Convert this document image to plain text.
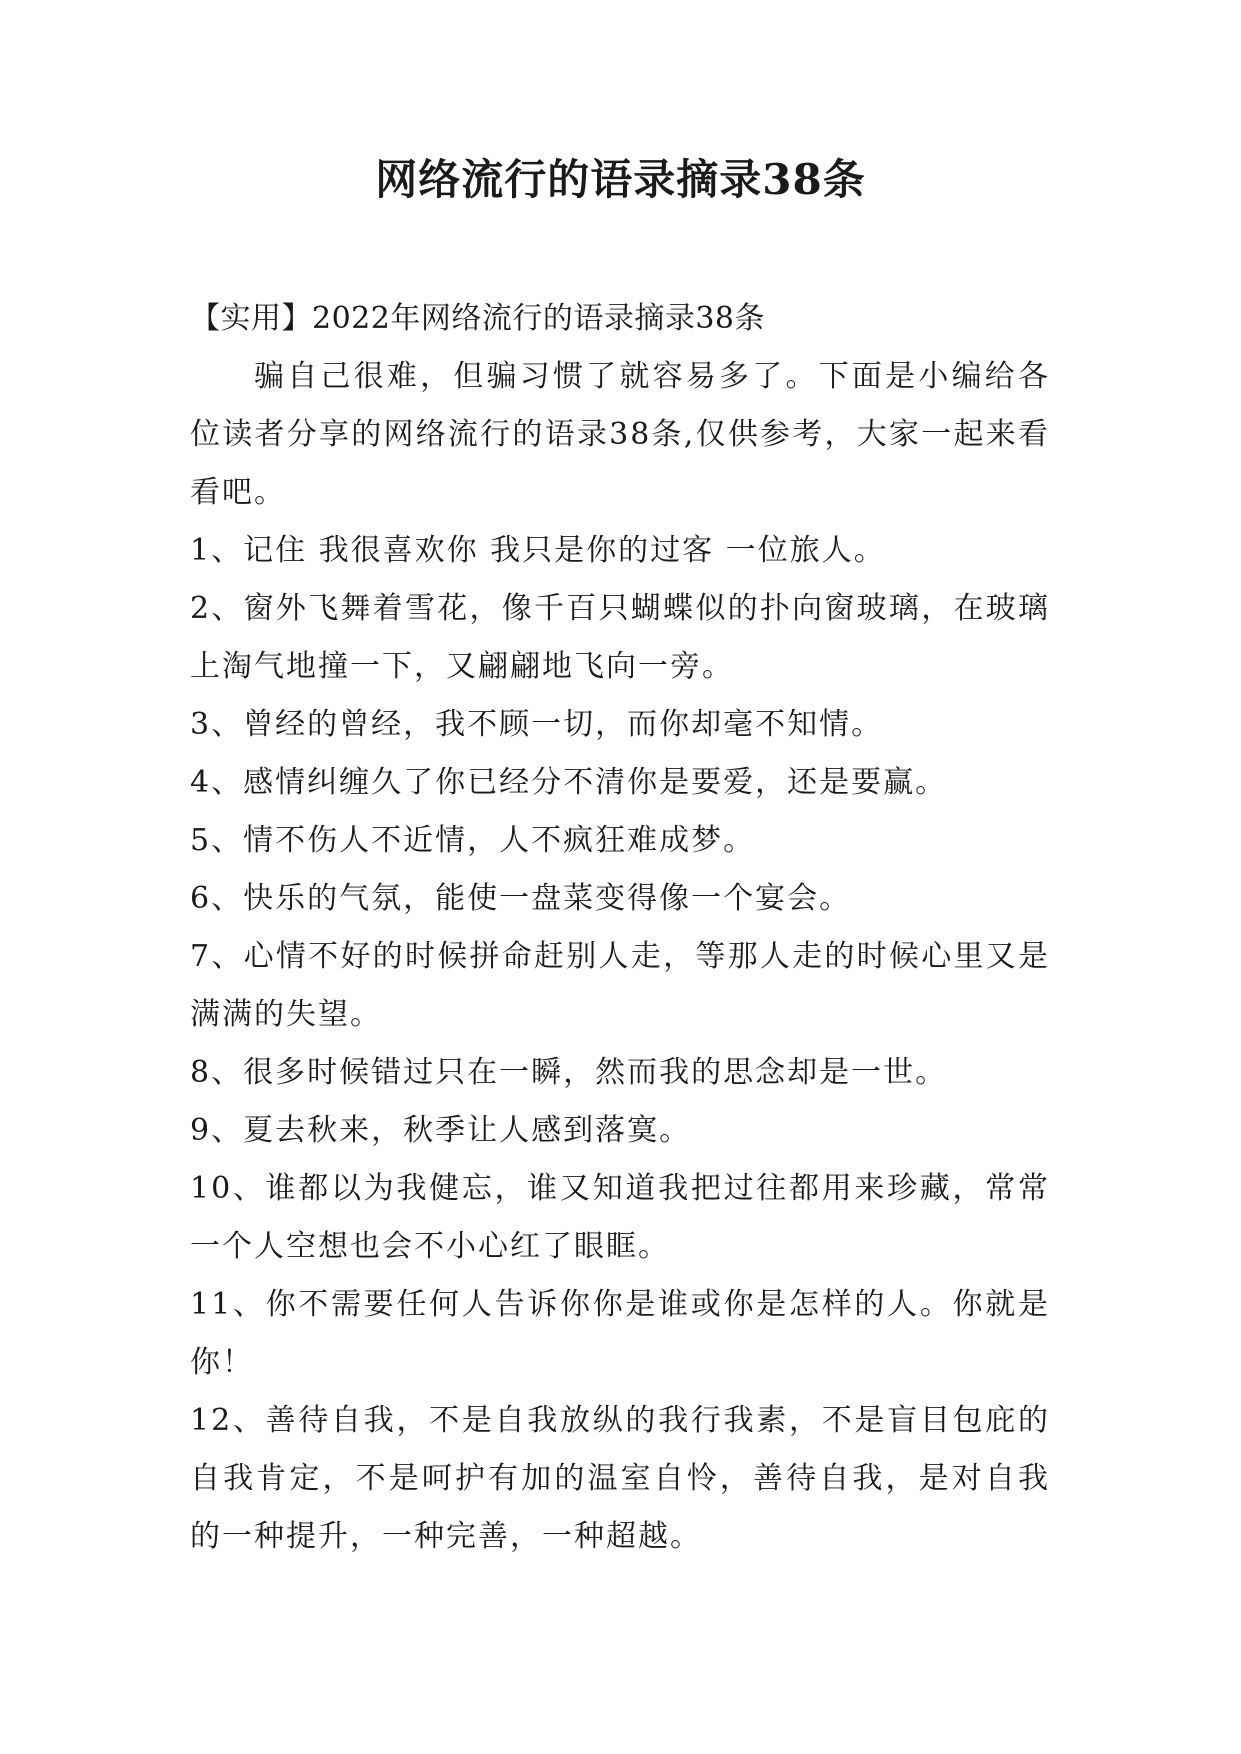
网络流行的语录摘录38条

【实用】2022年网络流行的语录摘录38条

骗自己很难，但骗习惯了就容易多了。下面是小编给各位读者分享的网络流行的语录38条,仅供参考，大家一起来看看吧。

1、记住 我很喜欢你 我只是你的过客 一位旅人。

2、窗外飞舞着雪花，像千百只蝴蝶似的扑向窗玻璃，在玻璃上淘气地撞一下，又翩翩地飞向一旁。

3、曾经的曾经，我不顾一切，而你却毫不知情。

4、感情纠缠久了你已经分不清你是要爱，还是要赢。

5、情不伤人不近情，人不疯狂难成梦。

6、快乐的气氛，能使一盘菜变得像一个宴会。

7、心情不好的时候拼命赶别人走，等那人走的时候心里又是满满的失望。

8、很多时候错过只在一瞬，然而我的思念却是一世。

9、夏去秋来，秋季让人感到落寞。

10、谁都以为我健忘，谁又知道我把过往都用来珍藏，常常一个人空想也会不小心红了眼眶。

11、你不需要任何人告诉你你是谁或你是怎样的人。你就是你！

12、善待自我，不是自我放纵的我行我素，不是盲目包庇的自我肯定，不是呵护有加的温室自怜，善待自我，是对自我的一种提升，一种完善，一种超越。
